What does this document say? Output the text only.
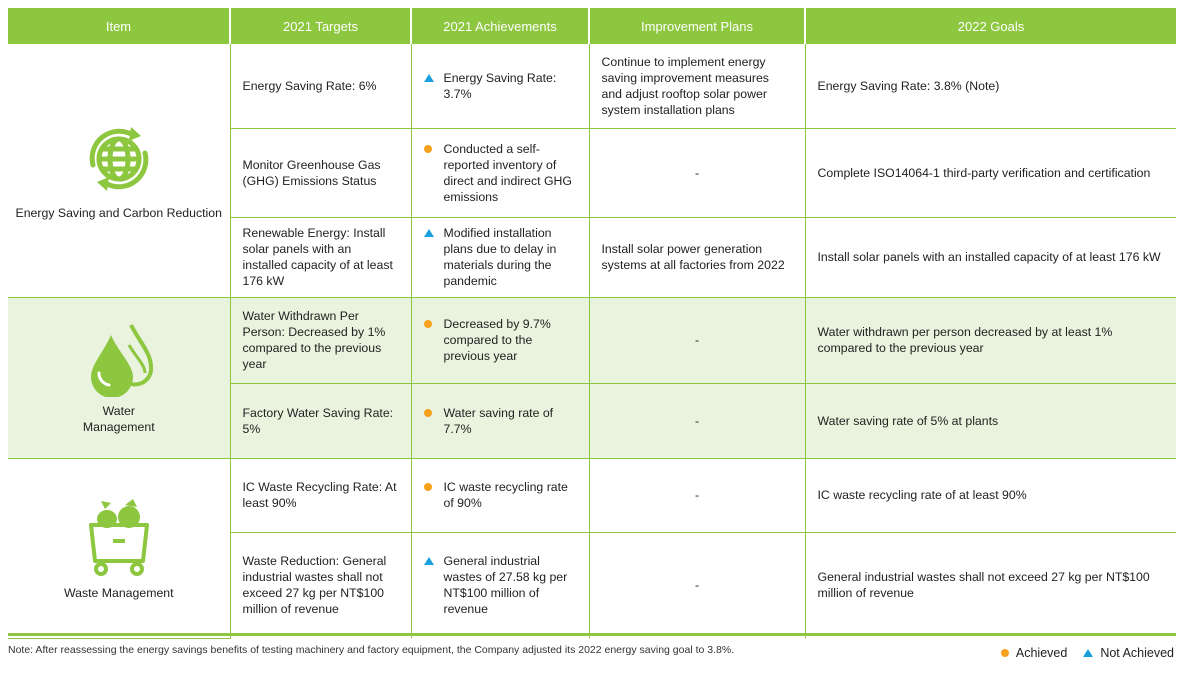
Item	2021 Targets	2021 Achievements	Improvement Plans	2022 Goals

Energy Saving and Carbon Reduction	Energy Saving Rate: 6%	Energy Saving Rate: 3.7%	Continue to implement energy saving improvement measures and adjust rooftop solar power system installation plans	Energy Saving Rate: 3.8% (Note)
	Monitor Greenhouse Gas (GHG) Emissions Status	Conducted a self-reported inventory of direct and indirect GHG emissions	-	Complete ISO14064-1 third-party verification and certification
	Renewable Energy: Install solar panels with an installed capacity of at least 176 kW	Modified installation plans due to delay in materials during the pandemic	Install solar power generation systems at all factories from 2022	Install solar panels with an installed capacity of at least 176 kW

Water Management	Water Withdrawn Per Person: Decreased by 1% compared to the previous year	Decreased by 9.7% compared to the previous year	-	Water withdrawn per person decreased by at least 1% compared to the previous year
	Factory Water Saving Rate: 5%	Water saving rate of 7.7%	-	Water saving rate of 5% at plants

Waste Management	IC Waste Recycling Rate: At least 90%	IC waste recycling rate of 90%	-	IC waste recycling rate of at least 90%
	Waste Reduction: General industrial wastes shall not exceed 27 kg per NT$100 million of revenue	General industrial wastes of 27.58 kg per NT$100 million of revenue	-	General industrial wastes shall not exceed 27 kg per NT$100 million of revenue
Note: After reassessing the energy savings benefits of testing machinery and factory equipment, the Company adjusted its 2022 energy saving goal to 3.8%.	Achieved	Not Achieved
